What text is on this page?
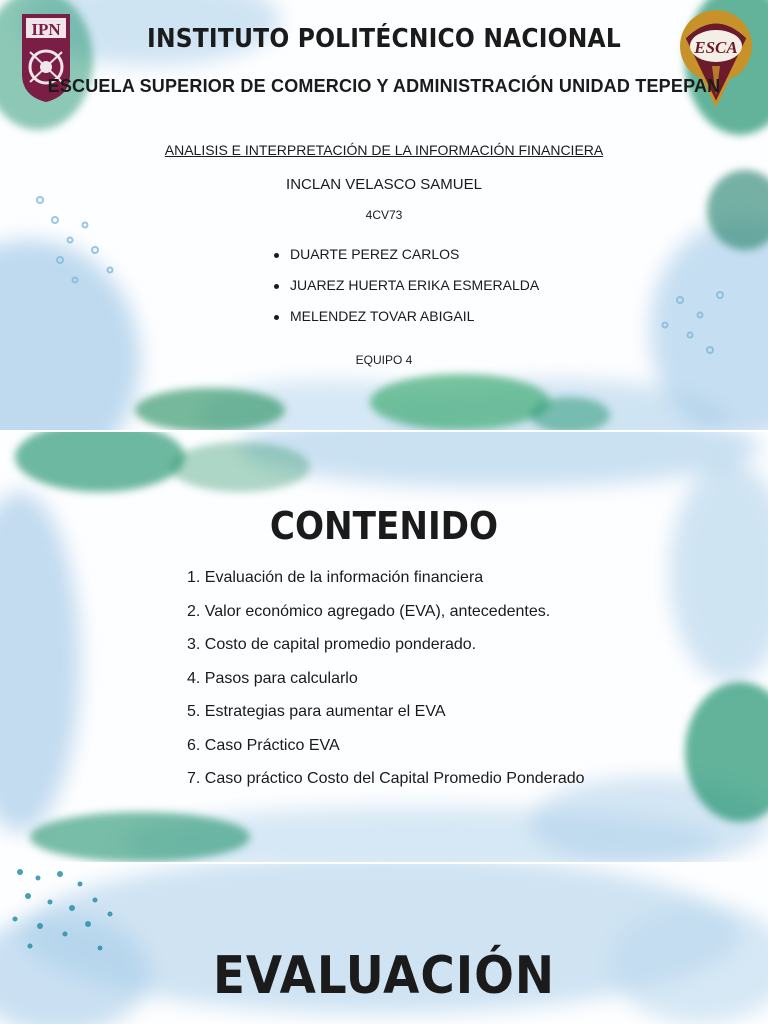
IPN
ESCA
INSTITUTO POLITÉCNICO NACIONAL
ESCUELA SUPERIOR DE COMERCIO Y ADMINISTRACIÓN UNIDAD TEPEPAN

ANALISIS E INTERPRETACIÓN DE LA INFORMACIÓN FINANCIERA

INCLAN VELASCO SAMUEL

4CV73

DUARTE PEREZ CARLOS
JUAREZ HUERTA ERIKA ESMERALDA
MELENDEZ TOVAR ABIGAIL

EQUIPO 4

CONTENIDO
1. Evaluación de la información financiera
2. Valor económico agregado (EVA), antecedentes.
3. Costo de capital promedio ponderado.
4. Pasos para calcularlo
5. Estrategias para aumentar el EVA
6. Caso Práctico EVA
7. Caso práctico Costo del Capital Promedio Ponderado
EVALUACIÓN
